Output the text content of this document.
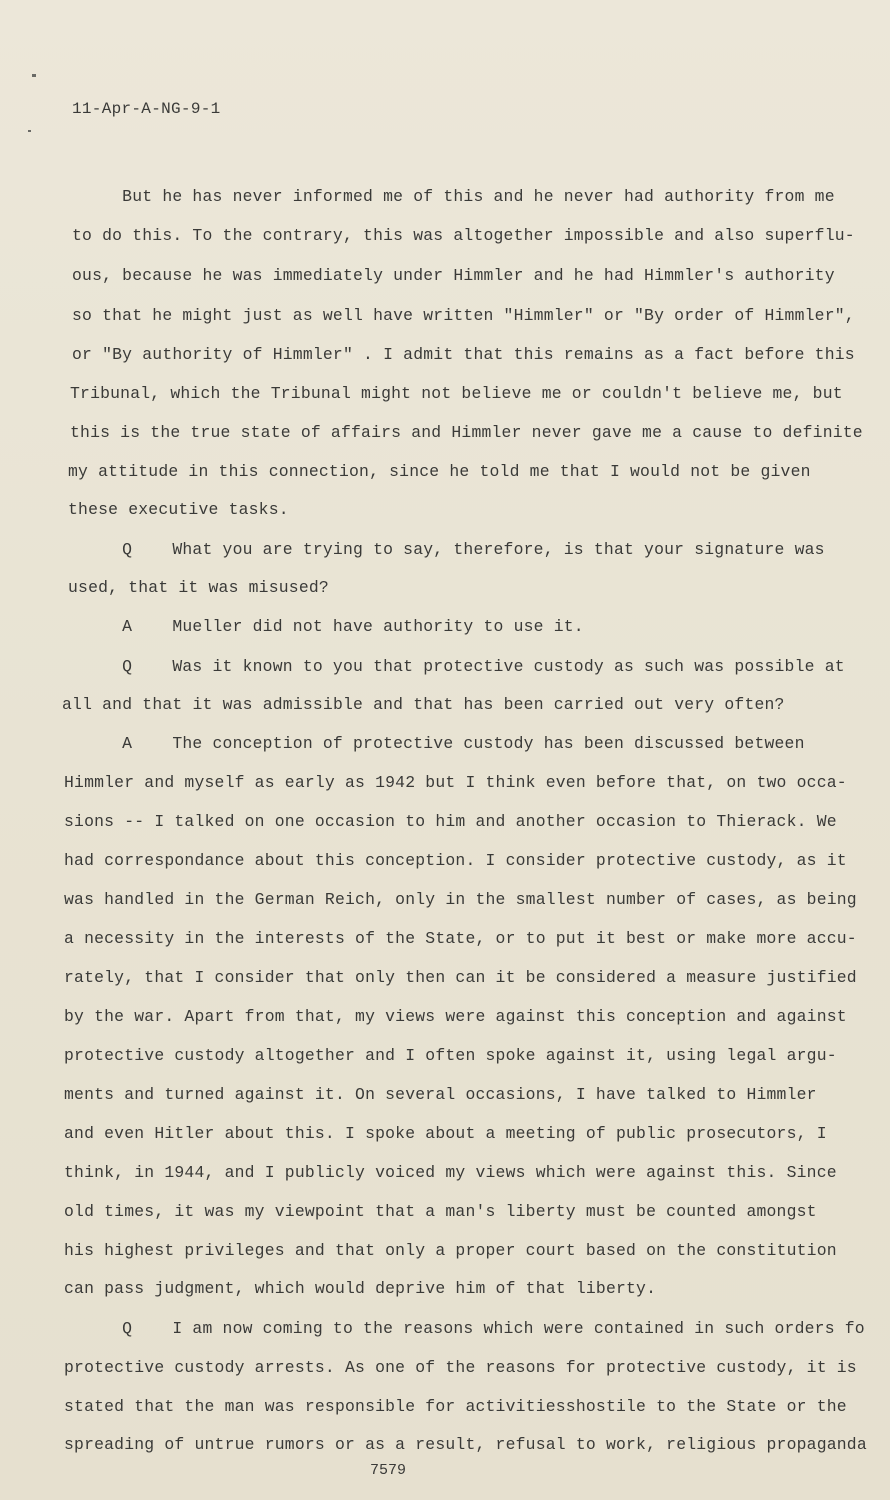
11-Apr-A-NG-9-1
But he has never informed me of this and he never had authority from me
to do this. To the contrary, this was altogether impossible and also superflu-
ous, because he was immediately under Himmler and he had Himmler's authority
so that he might just as well have written "Himmler" or "By order of Himmler",
or "By authority of Himmler" . I admit that this remains as a fact before this
Tribunal, which the Tribunal might not believe me or couldn't believe me, but
this is the true state of affairs and Himmler never gave me a cause to definite
my attitude in this connection, since he told me that I would not be given
these executive tasks.
Q    What you are trying to say, therefore, is that your signature was
used, that it was misused?
A    Mueller did not have authority to use it.
Q    Was it known to you that protective custody as such was possible at
all and that it was admissible and that has been carried out very often?
A    The conception of protective custody has been discussed between
Himmler and myself as early as 1942 but I think even before that, on two occa-
sions -- I talked on one occasion to him and another occasion to Thierack. We
had correspondance about this conception. I consider protective custody, as it
was handled in the German Reich, only in the smallest number of cases, as being
a necessity in the interests of the State, or to put it best or make more accu-
rately, that I consider that only then can it be considered a measure justified
by the war. Apart from that, my views were against this conception and against
protective custody altogether and I often spoke against it, using legal argu-
ments and turned against it. On several occasions, I have talked to Himmler
and even Hitler about this. I spoke about a meeting of public prosecutors, I
think, in 1944, and I publicly voiced my views which were against this. Since
old times, it was my viewpoint that a man's liberty must be counted amongst
his highest privileges and that only a proper court based on the constitution
can pass judgment, which would deprive him of that liberty.
Q    I am now coming to the reasons which were contained in such orders fo
protective custody arrests. As one of the reasons for protective custody, it is
stated that the man was responsible for activitiesshostile to the State or the
spreading of untrue rumors or as a result, refusal to work, religious propaganda
7579
